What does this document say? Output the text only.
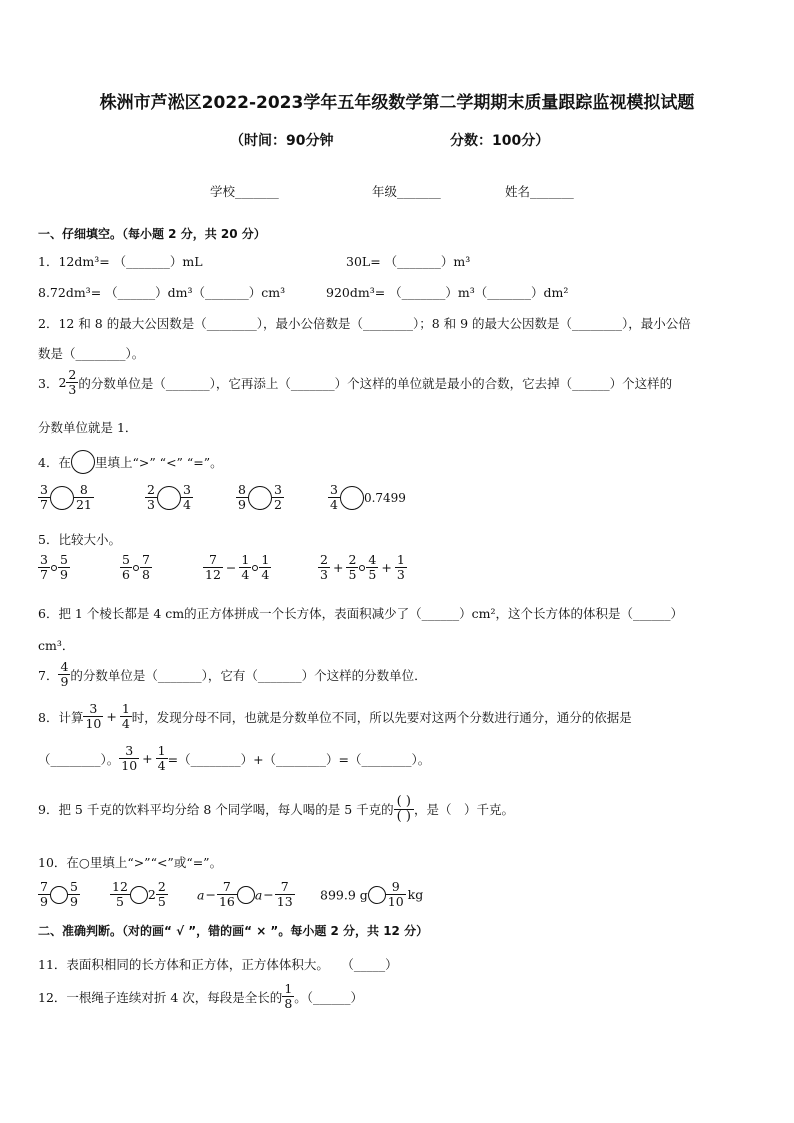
株洲市芦淞区2022-2023学年五年级数学第二学期期末质量跟踪监视模拟试题
（时间：90分钟	分数：100分）
学校_______	年级_______	姓名_______
一、仔细填空。（每小题 2 分，共 20 分）
1．12dm³= （_______）mL	30L= （_______）m³
8.72dm³= （______）dm³（_______）cm³	920dm³= （_______）m³（_______）dm²
2．12 和 8 的最大公因数是（________），最小公倍数是（________）；8 和 9 的最大公因数是（________），最小公倍
数是（________）。
3．$2 \frac{2}{3}$ 的分数单位是（_______），它再添上（_______）个这样的单位就是最小的合数，它去掉（______）个这样的
分数单位就是 1．
4．在 里填上“>” “<” “=”。
$\frac{3}{7} \frac{8}{21}$	$\frac{2}{3} \frac{3}{4}$	$\frac{8}{9} \frac{3}{2}$	$\frac{3}{4} 0.7499$
5．比较大小。
$\frac{3}{7} \frac{5}{9}$	$\frac{5}{6} \frac{7}{8}$	$\frac{7}{12} - \frac{1}{4} \frac{1}{4}$	$\frac{2}{3} + \frac{2}{5} \frac{4}{5} + \frac{1}{3}$
6．把 1 个棱长都是 4 cm的正方体拼成一个长方体，表面积减少了（______）cm²，这个长方体的体积是（______）
cm³．
7． $\frac{4}{9}$ 的分数单位是（_______），它有（_______）个这样的分数单位．
8．计算 $\frac{3}{10} + \frac{1}{4}$ 时，发现分母不同，也就是分数单位不同，所以先要对这两个分数进行通分，通分的依据是
（________）。 $\frac{3}{10} + \frac{1}{4}$ =（________）+（________）=（________）。
9．把 5 千克的饮料平均分给 8 个同学喝，每人喝的是 5 千克的
( )
( ) ，是（　）千克。
10．在○里填上“>”“<”或“=”。
$\frac{7}{9} \frac{5}{9} \frac{12}{5} 2 \frac{2}{5} a- \frac{7}{16} a- \frac{7}{13} 899.9$ g $\frac{9}{10}$ kg
二、准确判断。（对的画“ √ ”，错的画“ × ”。每小题 2 分，共 12 分）
11．表面积相同的长方体和正方体，正方体体积大。　　（_____）
12．一根绳子连续对折 4 次，每段是全长的 $\frac{1}{8}$ 。（______）
